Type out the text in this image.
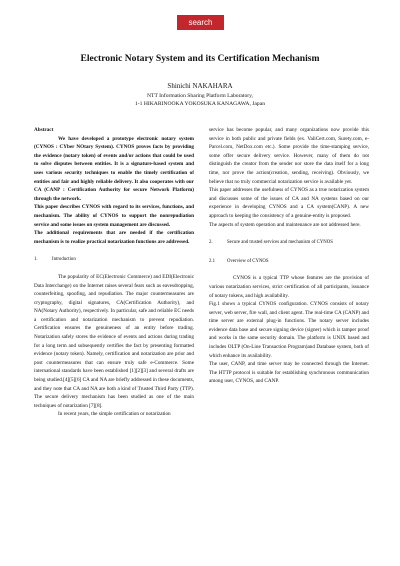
search
Electronic Notary System and its Certification Mechanism
Shinichi NAKAHARA
NTT Information Sharing Platform Laboratory,
1-1 HIKARINOOKA YOKOSUKA KANAGAWA, Japan

Abstract

We have developed a prototype electronic notary system (CYNOS : CYber NOtary System). CYNOS proves facts by providing the evidence (notary token) of events and/or actions that could be used to solve disputes between entities. It is a signature-based system and uses various security techniques to enable the timely certification of entities and fair and highly reliable delivery. It also cooperates with our CA (CANP : Certification Authority for secure Network Platform) through the network.

This paper describes CYNOS with regard to its services, functions, and mechanism. The ability of CYNOS to support the nonrepudiation service and some issues on system management are discussed.

The additional requirements that are needed if the certification mechanism is to realize practical notarization functions are addressed.

1.	Introduction

The popularity of EC(Electronic Commerce) and EDI(Electronic Data Interchange) on the Internet raises several fears such as eavesdropping, counterfeiting, spoofing, and repudiation. The major countermeasures are cryptography, digital signatures, CA(Certification Authority), and NA(Notary Authority), respectively. In particular, safe and reliable EC needs a certification and notarization mechanism to prevent repudiation. Certification ensures the genuineness of an entity before trading. Notarization safely stores the evidence of events and actions during trading for a long term and subsequently certifies the fact by presenting formatted evidence (notary token). Namely, certification and notarization are prior and post countermeasures that can ensure truly safe e-Commerce. Some international standards have been established [1][2][3] and several drafts are being studied.[4][5][6] CA and NA are briefly addressed in these documents, and they note that CA and NA are both a kind of Trusted Third Party (TTP). The secure delivery mechanism has been studied as one of the main techniques of notarization [7][8].

In recent years, the simple certification or notarization

service has become popular, and many organizations now provide this service in both public and private fields (ex. ValiCert.com, Surety.com, e-Parcel.com, NetDox.com etc.). Some provide the time-stamping service, some offer secure delivery service. However, many of them do not distinguish the creator from the sender nor store the data itself for a long time, nor prove the action(creation, sending, receiving). Obviously, we believe that no truly commercial notarization service is available yet.

This paper addresses the usefulness of CYNOS as a true notarization system and discusses some of the issues of CA and NA systems based on our experience in developing CYNOS and a CA system(CANP). A new approach to keeping the consistency of a genuine-entity is proposed.

The aspects of system operation and maintenance are not addressed here.

2.	Secure and trusted services and mechanism of CYNOS

2.1	Overview of CYNOS

CYNOS is a typical TTP whose features are the provision of various notarization services, strict certification of all participants, issuance of notary tokens, and high availability.

Fig.1 shows a typical CYNOS configuration. CYNOS consists of notary server, web server, fire wall, and client agent. The real-time CA (CANP) and time server are external plug-in functions. The notary server includes evidence data base and secure signing device (signer) which is tamper proof and works in the same security domain. The platform is UNIX based and includes OLTP (On-Line Transaction Program)and Database system, both of which enhance its availability.

The user, CANP, and time server may be connected through the Internet. The HTTP protocol is suitable for establishing synchronous communication among user, CYNOS, and CANP.
